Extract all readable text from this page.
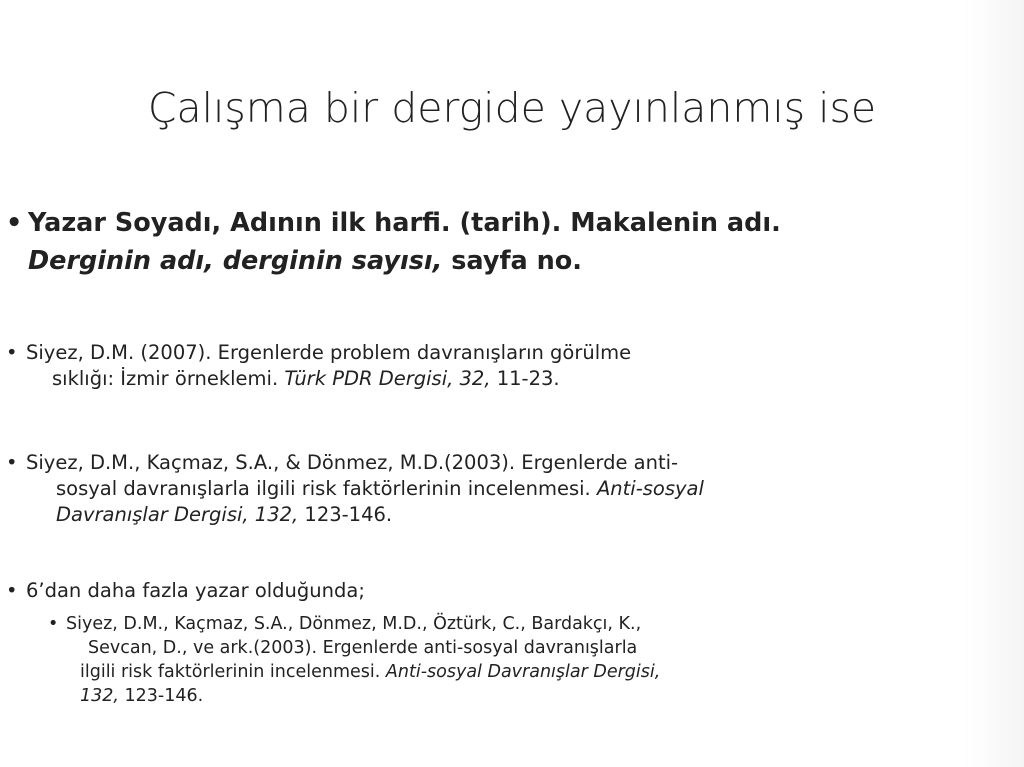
Çalışma bir dergide yayınlanmış ise
• Yazar Soyadı, Adının ilk harfi. (tarih). Makalenin adı.
Derginin adı, derginin sayısı, sayfa no.
• Siyez, D.M. (2007). Ergenlerde problem davranışların görülme
sıklığı: İzmir örneklemi. Türk PDR Dergisi, 32, 11-23.
• Siyez, D.M., Kaçmaz, S.A., & Dönmez, M.D.(2003). Ergenlerde anti-
sosyal davranışlarla ilgili risk faktörlerinin incelenmesi. Anti-sosyal
Davranışlar Dergisi, 132, 123-146.
• 6’dan daha fazla yazar olduğunda;
• Siyez, D.M., Kaçmaz, S.A., Dönmez, M.D., Öztürk, C., Bardakçı, K.,
Sevcan, D., ve ark.(2003). Ergenlerde anti-sosyal davranışlarla
ilgili risk faktörlerinin incelenmesi. Anti-sosyal Davranışlar Dergisi,
132, 123-146.
